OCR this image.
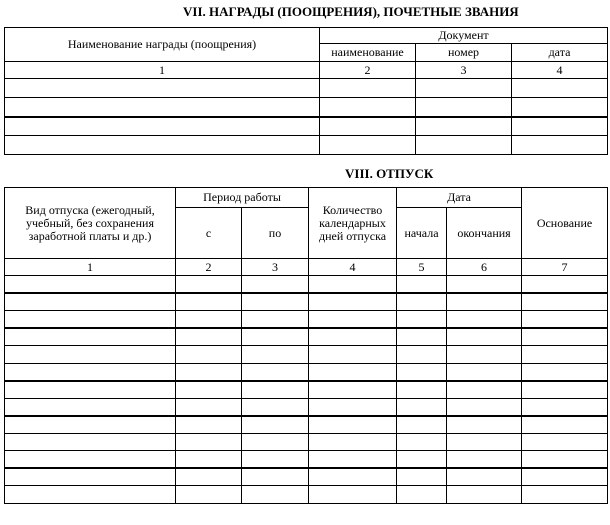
VII. НАГРАДЫ (ПООЩРЕНИЯ), ПОЧЕТНЫЕ ЗВАНИЯ
Наименование награды (поощрения)	Документ		
	наименование	номер	дата
1	2	3	4

VIII. ОТПУСК
Вид отпуска (ежегодный, учебный, без сохранения заработной платы и др.)	Период работы		Количество календарных дней отпуска	Дата		Основание
	с	по		начала	окончания	
1	2	3	4	5	6	7
